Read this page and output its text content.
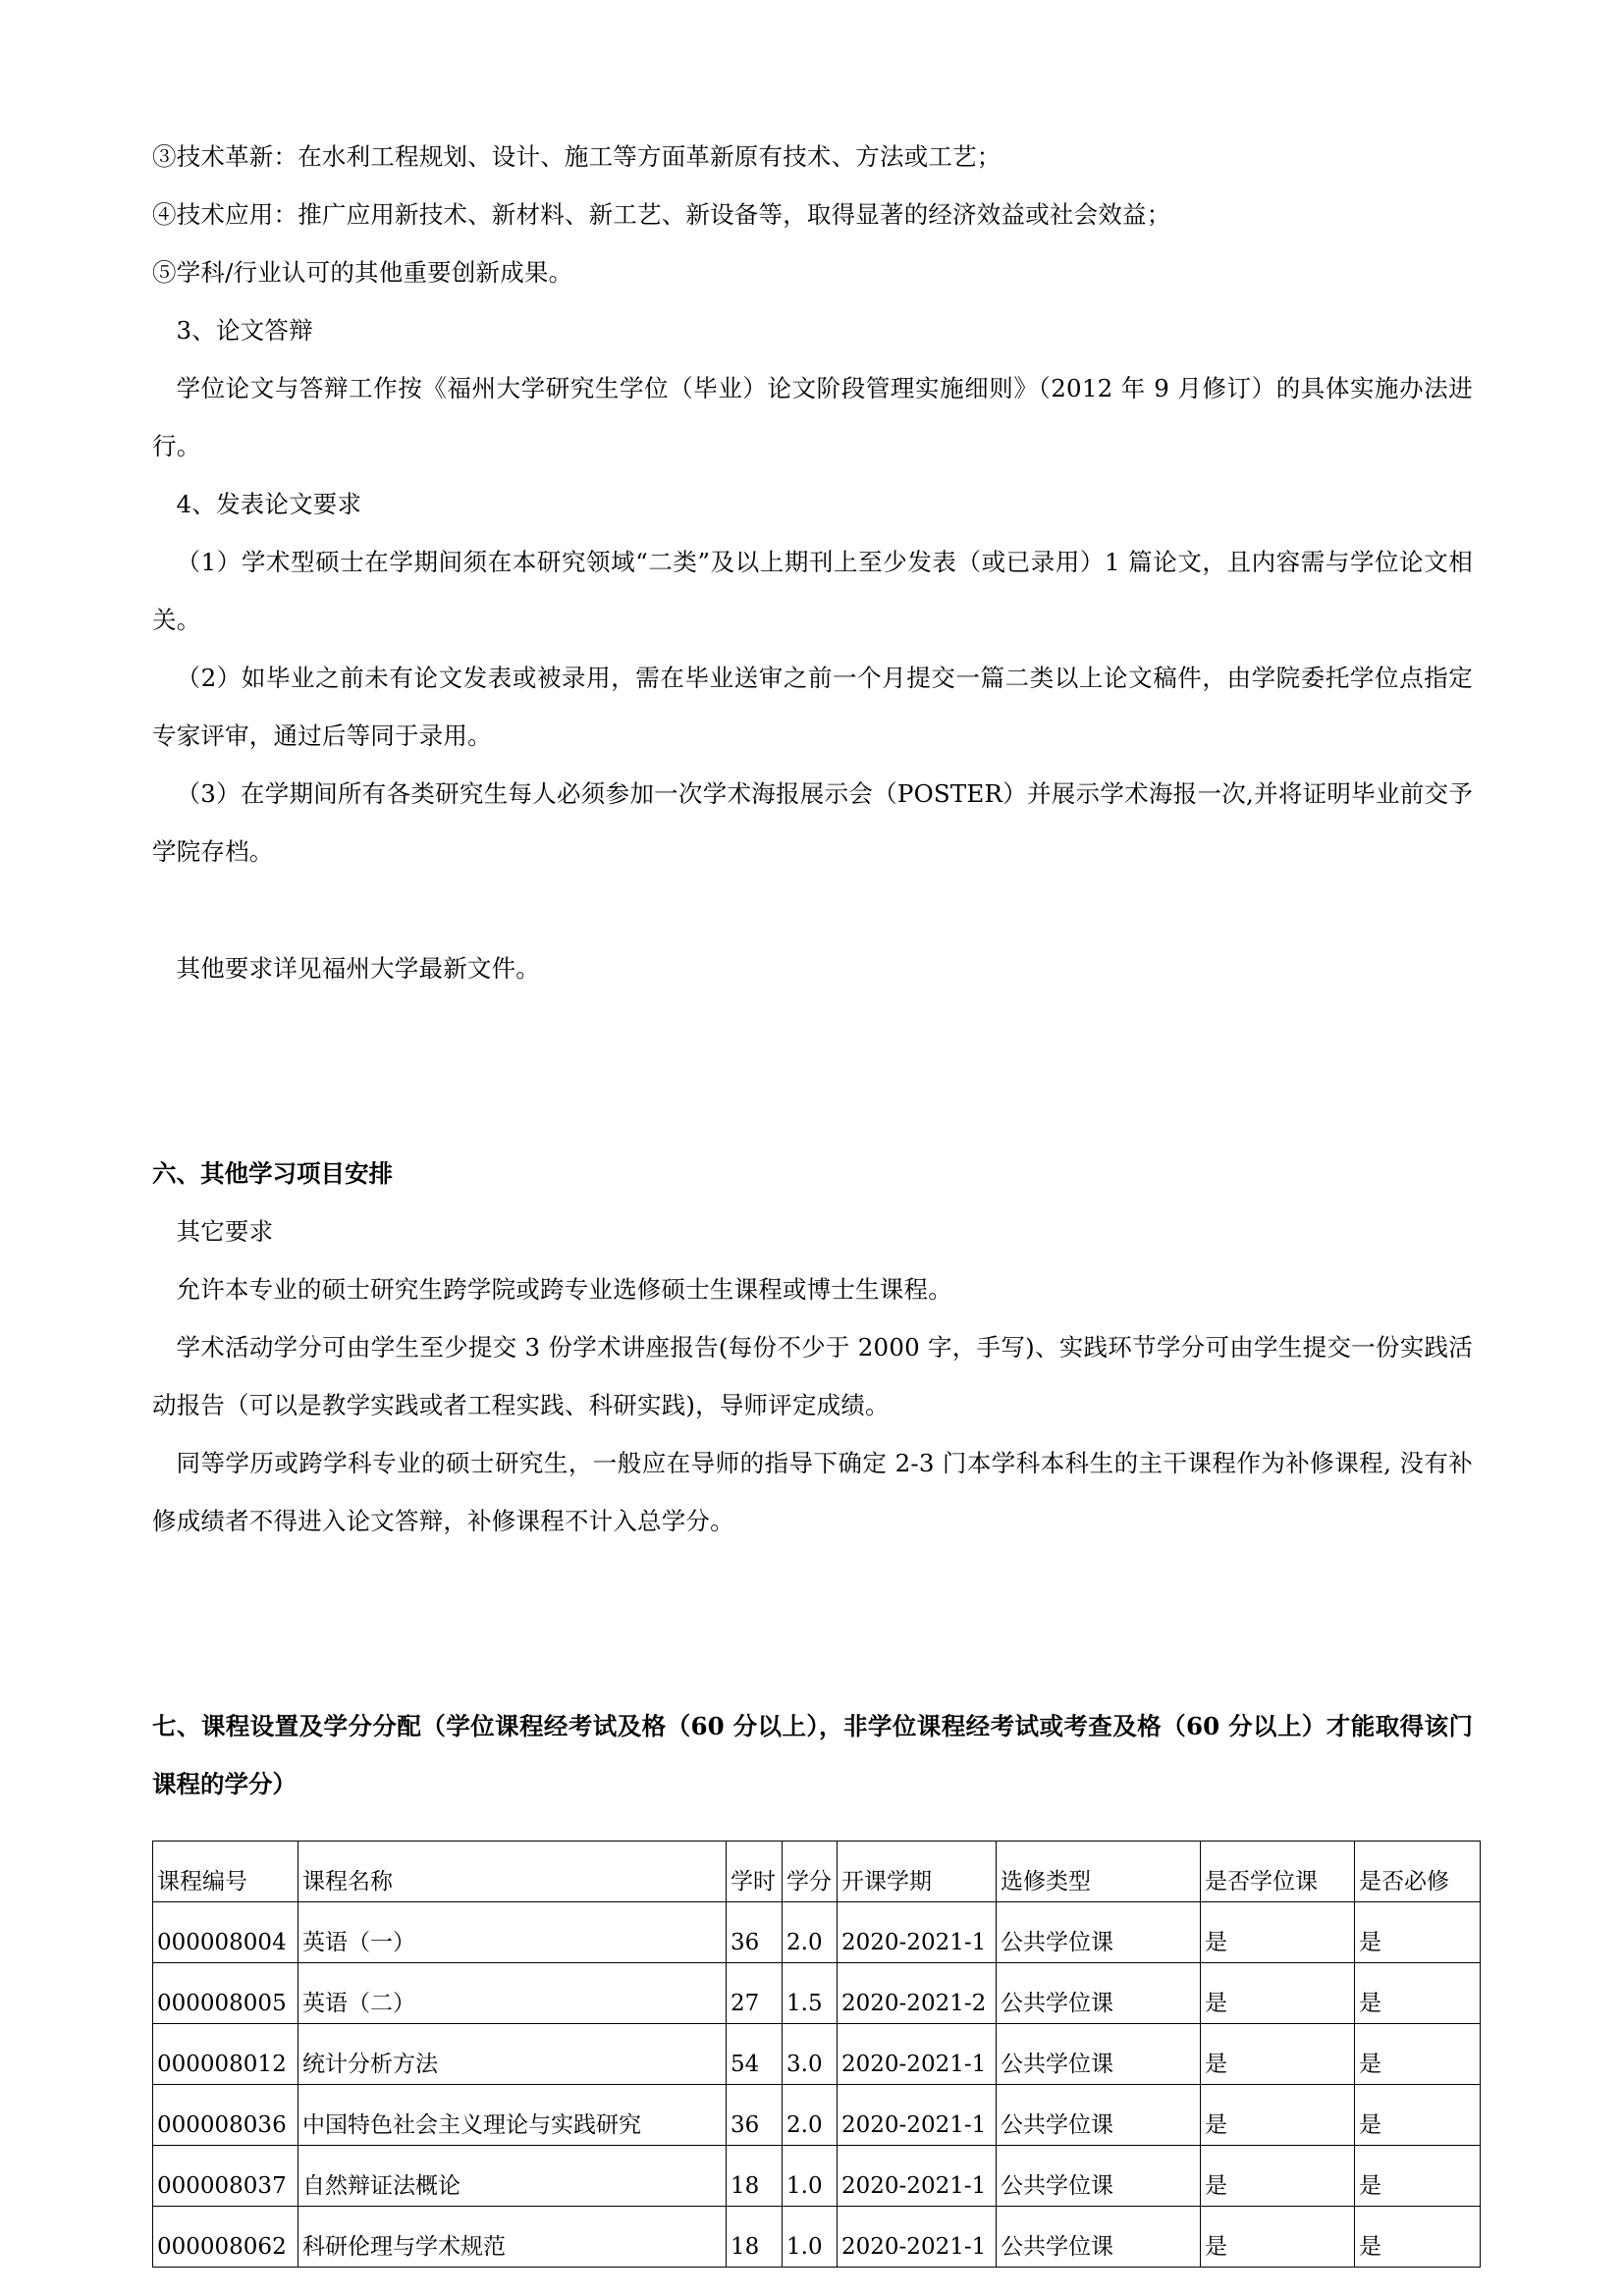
③技术革新：在水利工程规划、设计、施工等方面革新原有技术、方法或工艺；

④技术应用：推广应用新技术、新材料、新工艺、新设备等，取得显著的经济效益或社会效益；

⑤学科/行业认可的其他重要创新成果。

3、论文答辩

学位论文与答辩工作按《福州大学研究生学位（毕业）论文阶段管理实施细则》（2012 年 9 月修订）的具体实施办法进行。

4、发表论文要求

（1）学术型硕士在学期间须在本研究领域“二类”及以上期刊上至少发表（或已录用）1 篇论文，且内容需与学位论文相关。

（2）如毕业之前未有论文发表或被录用，需在毕业送审之前一个月提交一篇二类以上论文稿件，由学院委托学位点指定专家评审，通过后等同于录用。

（3）在学期间所有各类研究生每人必须参加一次学术海报展示会（POSTER）并展示学术海报一次,并将证明毕业前交予学院存档。

其他要求详见福州大学最新文件。

六、其他学习项目安排

其它要求

允许本专业的硕士研究生跨学院或跨专业选修硕士生课程或博士生课程。

学术活动学分可由学生至少提交 3 份学术讲座报告(每份不少于 2000 字，手写)、实践环节学分可由学生提交一份实践活动报告（可以是教学实践或者工程实践、科研实践)，导师评定成绩。

同等学历或跨学科专业的硕士研究生，一般应在导师的指导下确定 2-3 门本学科本科生的主干课程作为补修课程, 没有补修成绩者不得进入论文答辩，补修课程不计入总学分。

七、课程设置及学分分配（学位课程经考试及格（60 分以上），非学位课程经考试或考查及格（60 分以上）才能取得该门课程的学分）

课程编号	课程名称	学时	学分	开课学期	选修类型	是否学位课	是否必修
000008004	英语（一）	36	2.0	2020-2021-1	公共学位课	是	是
000008005	英语（二）	27	1.5	2020-2021-2	公共学位课	是	是
000008012	统计分析方法	54	3.0	2020-2021-1	公共学位课	是	是
000008036	中国特色社会主义理论与实践研究	36	2.0	2020-2021-1	公共学位课	是	是
000008037	自然辩证法概论	18	1.0	2020-2021-1	公共学位课	是	是
000008062	科研伦理与学术规范	18	1.0	2020-2021-1	公共学位课	是	是
